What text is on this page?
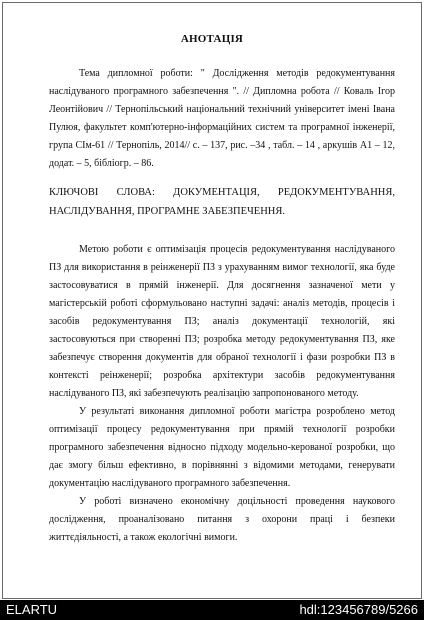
АНОТАЦІЯ

Тема дипломної роботи: " Дослідження методів редокументування наслідуваного програмного забезпечення ". // Дипломна робота // Коваль Ігор Леонтійович // Тернопільський національний технічний університет імені Івана Пулюя, факультет комп'ютерно-інформаційних систем та програмної інженерії, група СІм-61 // Тернопіль, 2014// с. – 137, рис. –34 , табл. – 14 , аркушів А1 – 12, додат. – 5, бібліогр. – 86.

КЛЮЧОВІ СЛОВА: ДОКУМЕНТАЦІЯ, РЕДОКУМЕНТУВАННЯ, НАСЛІДУВАННЯ, ПРОГРАМНЕ ЗАБЕЗПЕЧЕННЯ.

Метою роботи є оптимізація процесів редокументування наслідуваного ПЗ для використання в реінженерії ПЗ з урахуванням вимог технології, яка буде застосовуватися в прямій інженерії. Для досягнення зазначеної мети у магістерській роботі сформульовано наступні задачі: аналіз методів, процесів і засобів редокументування ПЗ; аналіз документації технологій, які застосовуються при створенні ПЗ; розробка методу редокументування ПЗ, яке забезпечує створення документів для обраної технології і фази розробки ПЗ в контексті реінженерії; розробка архітектури засобів редокументування наслідуваного ПЗ, які забезпечують реалізацію запропонованого методу.

У результаті виконання дипломної роботи магістра розроблено метод оптимізації процесу редокументування при прямій технології розробки програмного забезпечення відносно підходу модельно-керованої розробки, що дає змогу більш ефективно, в порівнянні з відомими методами, генерувати документацію наслідуваного програмного забезпечення.

У роботі визначено економічну доцільності проведення наукового дослідження, проаналізовано питання з охорони праці і безпеки життєдіяльності, а також екологічні вимоги.

ELARTU	hdl:123456789/5266
